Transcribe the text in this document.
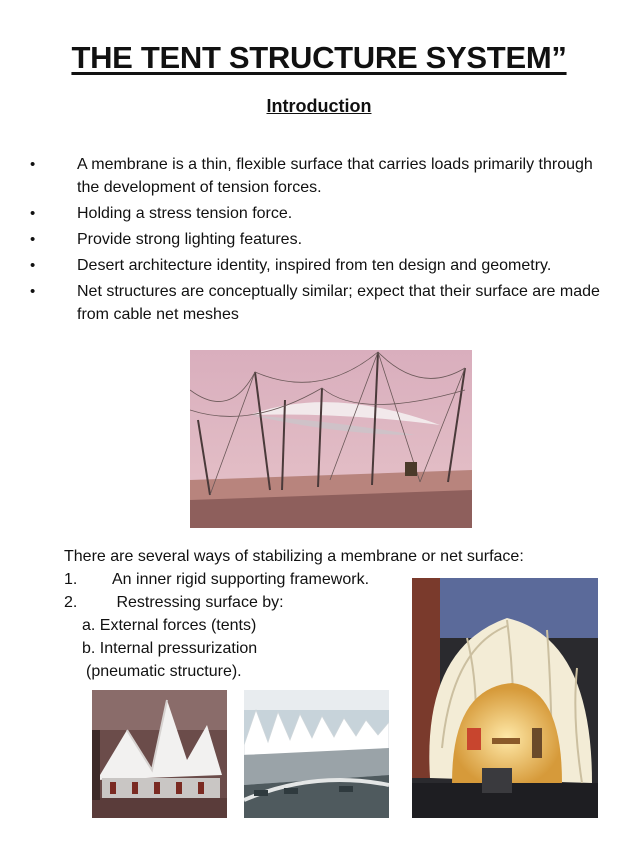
THE TENT STRUCTURE SYSTEM”
Introduction
• A membrane is a thin, flexible surface that carries loads primarily through the development of tension forces.
• Holding a stress tension force.
• Provide strong lighting features.
• Desert architecture identity, inspired from ten design and geometry.
• Net structures are conceptually similar; expect that their surface are made from cable net meshes
There are several ways of stabilizing a membrane or net surface:
1. An inner rigid supporting framework.
2. Restressing surface by:
a. External forces (tents)
b. Internal pressurization
(pneumatic structure).
